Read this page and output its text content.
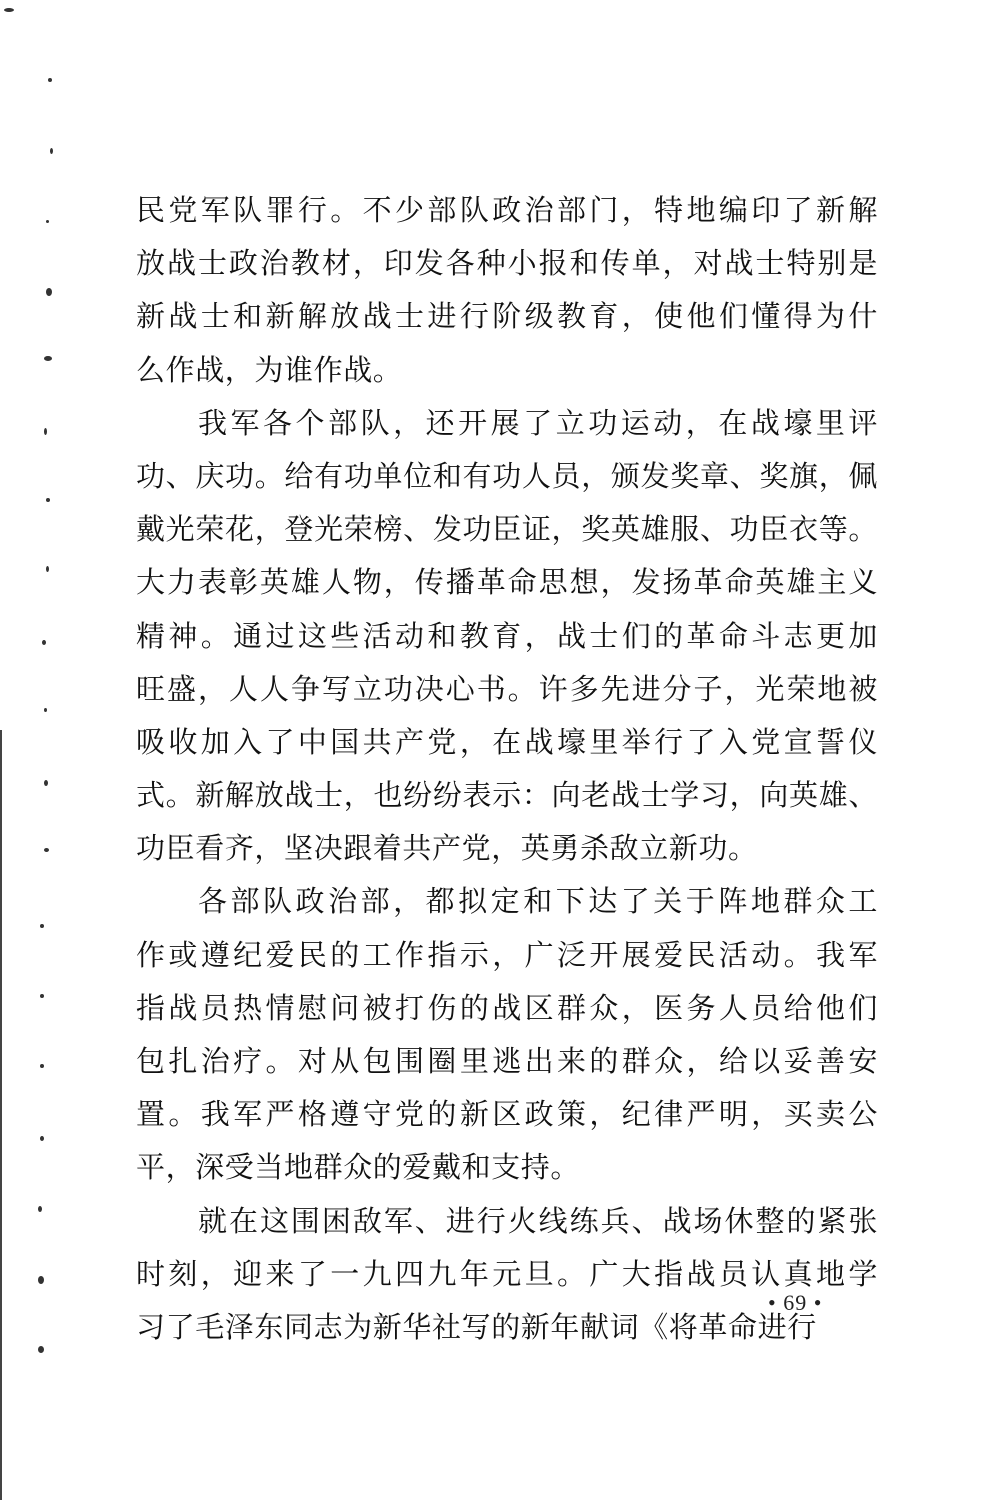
民党军队罪行。不少部队政治部门，特地编印了新解
放战士政治教材，印发各种小报和传单，对战士特别是
新战士和新解放战士进行阶级教育，使他们懂得为什
么作战，为谁作战。
我军各个部队，还开展了立功运动，在战壕里评
功、庆功。给有功单位和有功人员，颁发奖章、奖旗，佩
戴光荣花，登光荣榜、发功臣证，奖英雄服、功臣衣等。
大力表彰英雄人物，传播革命思想，发扬革命英雄主义
精神。通过这些活动和教育，战士们的革命斗志更加
旺盛，人人争写立功决心书。许多先进分子，光荣地被
吸收加入了中国共产党，在战壕里举行了入党宣誓仪
式。新解放战士，也纷纷表示：向老战士学习，向英雄、
功臣看齐，坚决跟着共产党，英勇杀敌立新功。
各部队政治部，都拟定和下达了关于阵地群众工
作或遵纪爱民的工作指示，广泛开展爱民活动。我军
指战员热情慰问被打伤的战区群众，医务人员给他们
包扎治疗。对从包围圈里逃出来的群众，给以妥善安
置。我军严格遵守党的新区政策，纪律严明，买卖公
平，深受当地群众的爱戴和支持。
就在这围困敌军、进行火线练兵、战场休整的紧张
时刻，迎来了一九四九年元旦。广大指战员认真地学
习了毛泽东同志为新华社写的新年献词《将革命进行
• 69 •
